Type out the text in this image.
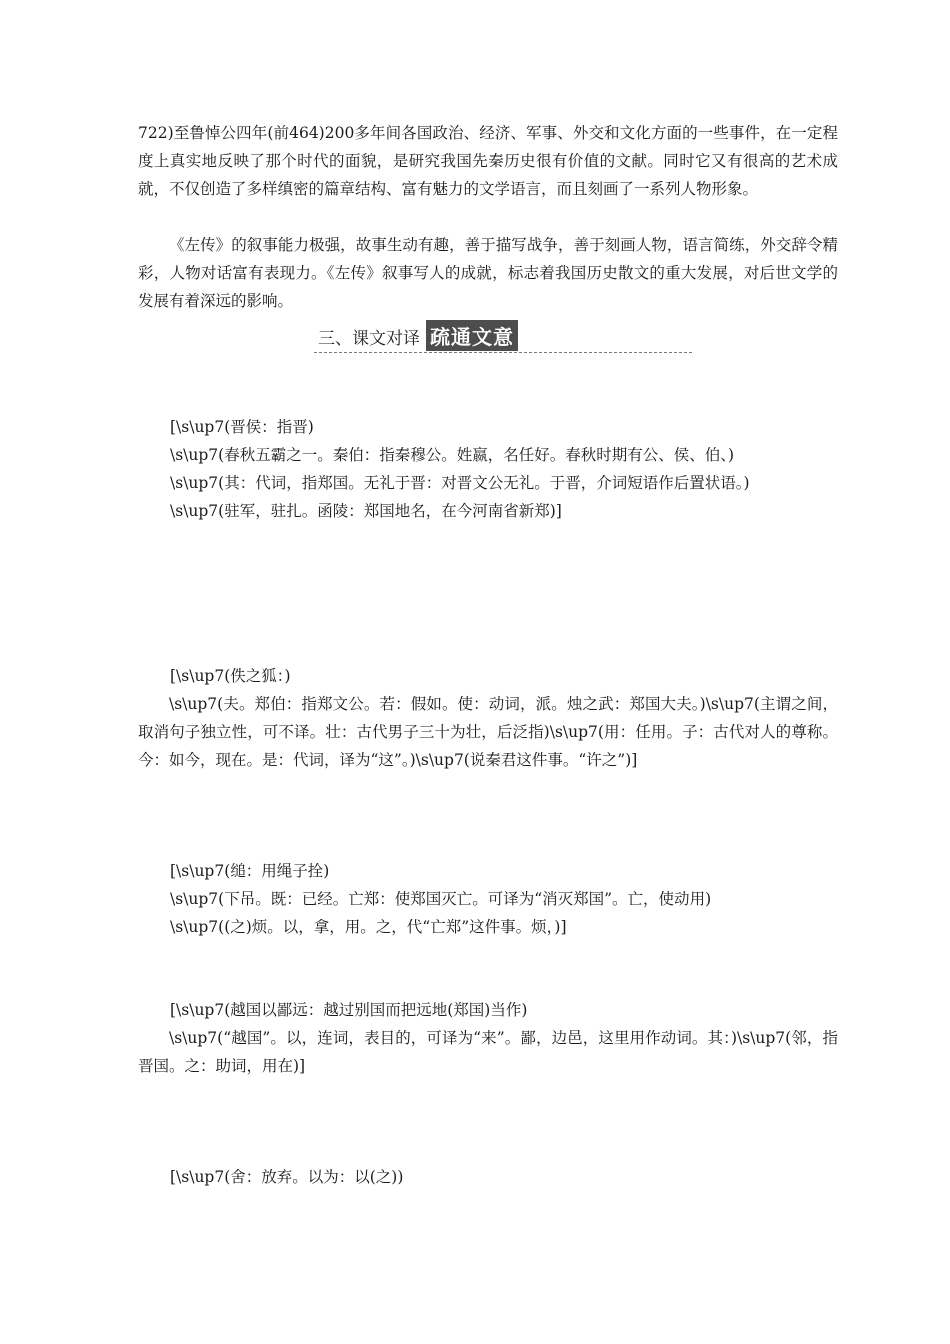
722)至鲁悼公四年(前464)200多年间各国政治、经济、军事、外交和文化方面的一些事件，在一定程度上真实地反映了那个时代的面貌，是研究我国先秦历史很有价值的文献。同时它又有很高的艺术成就，不仅创造了多样缜密的篇章结构、富有魅力的文学语言，而且刻画了一系列人物形象。

《左传》的叙事能力极强，故事生动有趣，善于描写战争，善于刻画人物，语言简练，外交辞令精彩，人物对话富有表现力。《左传》叙事写人的成就，标志着我国历史散文的重大发展，对后世文学的发展有着深远的影响。

三、课文对译 疏通文意
[\s\up7(晋侯：指晋)
\s\up7(春秋五霸之一。秦伯：指秦穆公。姓嬴，名任好。春秋时期有公、侯、伯、)
\s\up7(其：代词，指郑国。无礼于晋：对晋文公无礼。于晋，介词短语作后置状语。)
\s\up7(驻军，驻扎。函陵：郑国地名，在今河南省新郑)]
[\s\up7(佚之狐：)
\s\up7(夫。郑伯：指郑文公。若：假如。使：动词，派。烛之武：郑国大夫。)\s\up7(主谓之间，取消句子独立性，可不译。壮：古代男子三十为壮，后泛指)\s\up7(用：任用。子：古代对人的尊称。今：如今，现在。是：代词，译为“这”。)\s\up7(说秦君这件事。“许之”)]
[\s\up7(缒：用绳子拴)
\s\up7(下吊。既：已经。亡郑：使郑国灭亡。可译为“消灭郑国”。亡，使动用)
\s\up7((之)烦。以，拿，用。之，代“亡郑”这件事。烦，)]
[\s\up7(越国以鄙远：越过别国而把远地(郑国)当作)
\s\up7(“越国”。以，连词，表目的，可译为“来”。鄙，边邑，这里用作动词。其：)\s\up7(邻，指晋国。之：助词，用在)]
[\s\up7(舍：放弃。以为：以(之))
